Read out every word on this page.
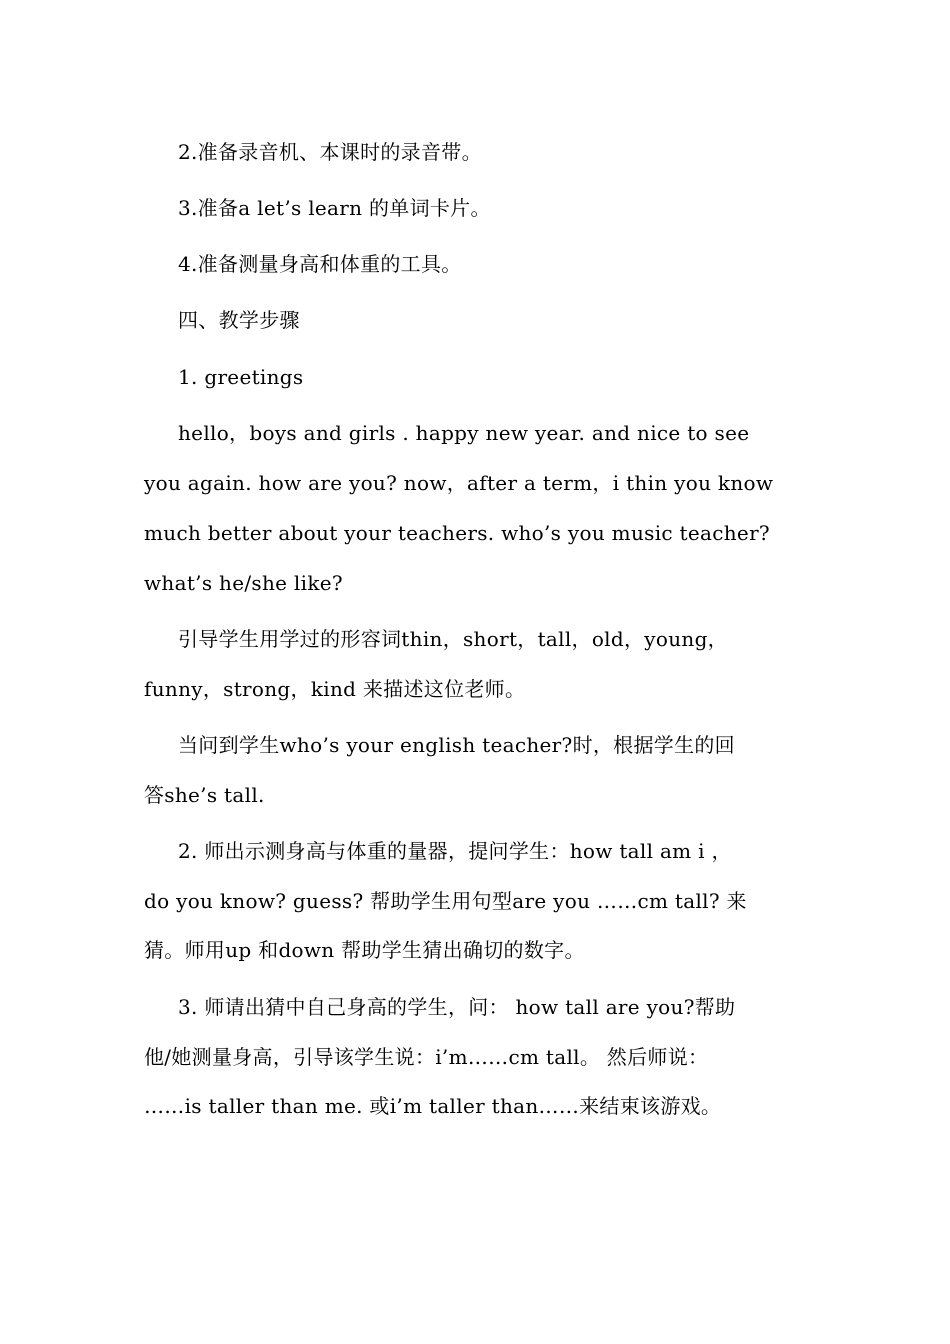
2.准备录音机、本课时的录音带。
3.准备a let’s learn 的单词卡片。
4.准备测量身高和体重的工具。
四、教学步骤
1. greetings
hello，boys and girls . happy new year. and nice to see
you again. how are you? now，after a term，i thin you know
much better about your teachers. who’s you music teacher?
what’s he/she like?
引导学生用学过的形容词thin，short，tall，old，young，
funny，strong，kind 来描述这位老师。
当问到学生who’s your english teacher?时，根据学生的回
答she’s tall.
2. 师出示测身高与体重的量器，提问学生：how tall am i ，
do you know? guess? 帮助学生用句型are you ……cm tall? 来
猜。师用up 和down 帮助学生猜出确切的数字。
3. 师请出猜中自己身高的学生，问： how tall are you?帮助
他/她测量身高，引导该学生说：i’m……cm tall。 然后师说：
……is taller than me. 或i’m taller than……来结束该游戏。
